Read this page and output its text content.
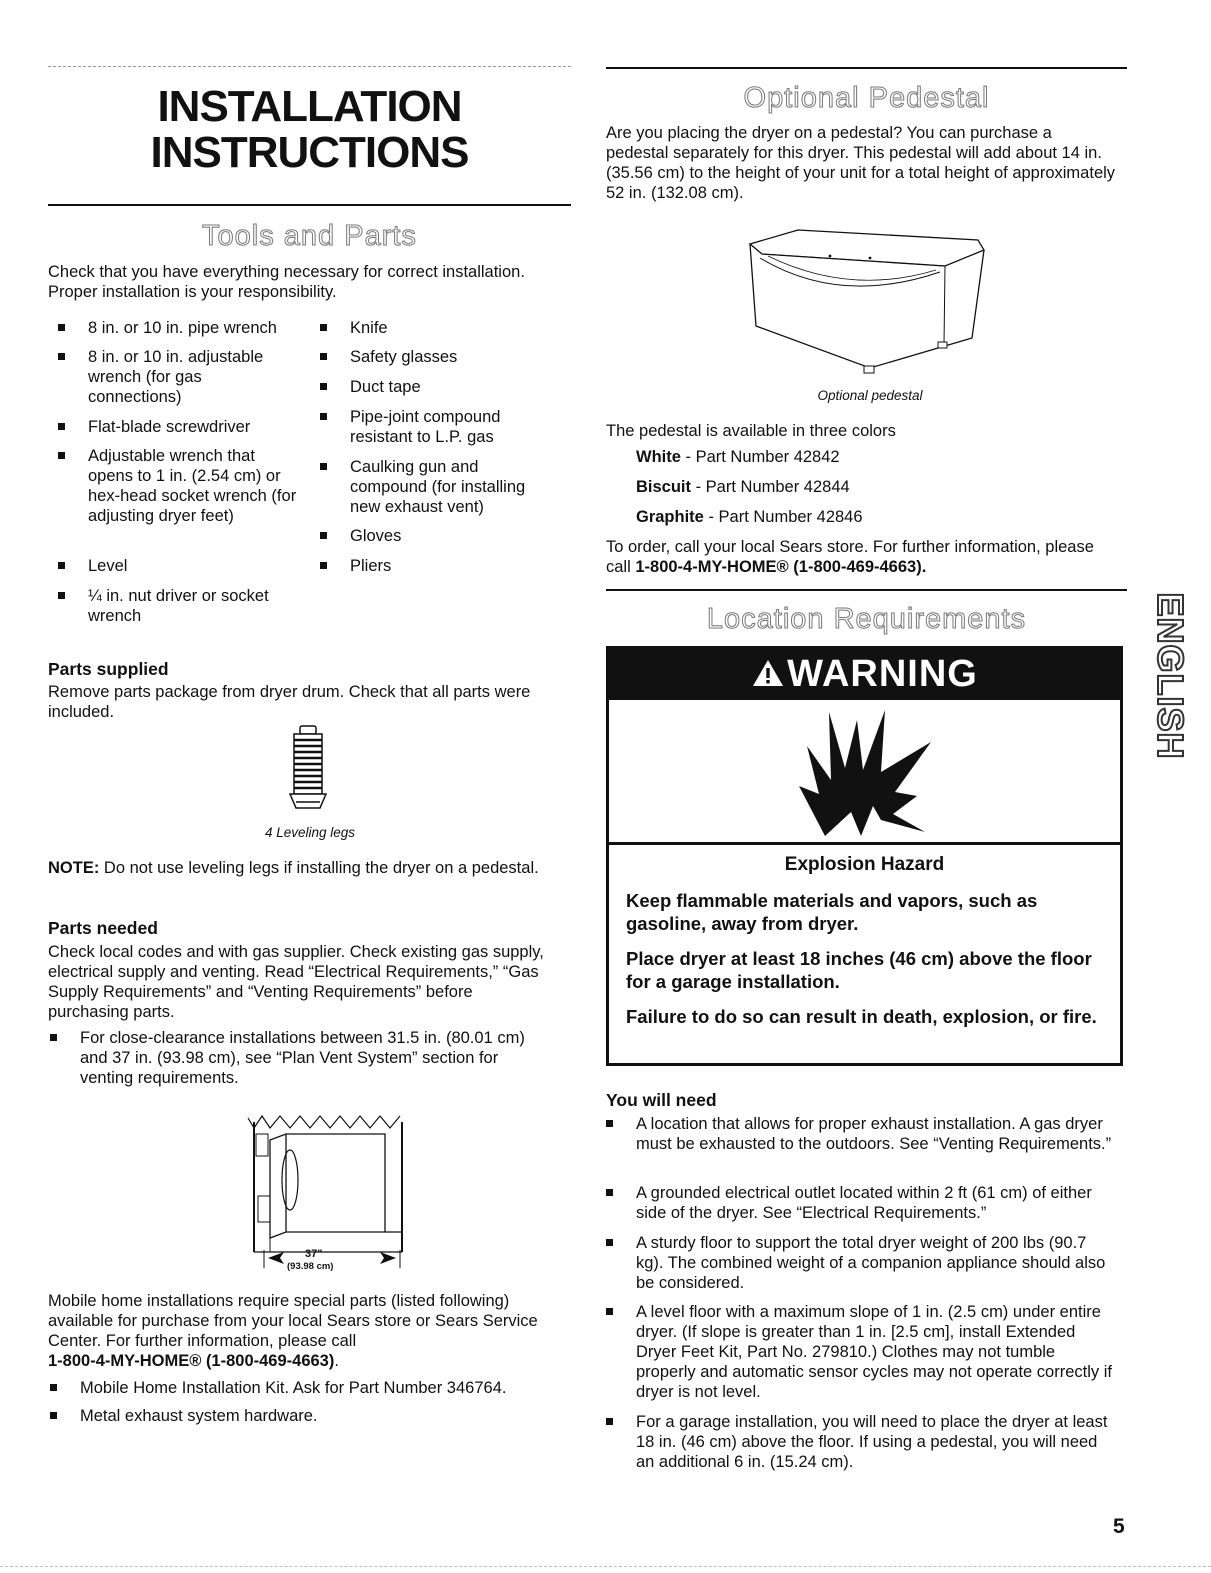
INSTALLATION
INSTRUCTIONS
Tools and Parts

Check that you have everything necessary for correct installation. Proper installation is your responsibility.

8 in. or 10 in. pipe wrench
8 in. or 10 in. adjustable wrench (for gas connections)
Flat-blade screwdriver
Adjustable wrench that opens to 1 in. (2.54 cm) or hex-head socket wrench (for adjusting dryer feet)
Level
¼ in. nut driver or socket wrench
Knife
Safety glasses
Duct tape
Pipe-joint compound resistant to L.P. gas
Caulking gun and compound (for installing new exhaust vent)
Gloves
Pliers

Parts supplied

Remove parts package from dryer drum. Check that all parts were included.

4 Leveling legs

NOTE: Do not use leveling legs if installing the dryer on a pedestal.

Parts needed

Check local codes and with gas supplier. Check existing gas supply, electrical supply and venting. Read “Electrical Requirements,” “Gas Supply Requirements” and “Venting Requirements” before purchasing parts.

For close-clearance installations between 31.5 in. (80.01 cm) and 37 in. (93.98 cm), see “Plan Vent System” section for venting requirements.
37"
(93.98 cm)

Mobile home installations require special parts (listed following) available for purchase from your local Sears store or Sears Service Center. For further information, please call
1-800-4-MY-HOME® (1-800-469-4663).

Mobile Home Installation Kit. Ask for Part Number 346764.
Metal exhaust system hardware.
Optional Pedestal

Are you placing the dryer on a pedestal? You can purchase a pedestal separately for this dryer. This pedestal will add about 14 in. (35.56 cm) to the height of your unit for a total height of approximately 52 in. (132.08 cm).

Optional pedestal

The pedestal is available in three colors

White - Part Number 42842

Biscuit - Part Number 42844

Graphite - Part Number 42846

To order, call your local Sears store. For further information, please call 1-800-4-MY-HOME® (1-800-469-4663).

Location Requirements
WARNING
Explosion Hazard

Keep flammable materials and vapors, such as gasoline, away from dryer.

Place dryer at least 18 inches (46 cm) above the floor for a garage installation.

Failure to do so can result in death, explosion, or fire.

You will need

A location that allows for proper exhaust installation. A gas dryer must be exhausted to the outdoors. See “Venting Requirements.”
A grounded electrical outlet located within 2 ft (61 cm) of either side of the dryer. See “Electrical Requirements.”
A sturdy floor to support the total dryer weight of 200 lbs (90.7 kg). The combined weight of a companion appliance should also be considered.
A level floor with a maximum slope of 1 in. (2.5 cm) under entire dryer. (If slope is greater than 1 in. [2.5 cm], install Extended Dryer Feet Kit, Part No. 279810.) Clothes may not tumble properly and automatic sensor cycles may not operate correctly if dryer is not level.
For a garage installation, you will need to place the dryer at least 18 in. (46 cm) above the floor. If using a pedestal, you will need an additional 6 in. (15.24 cm).
ENGLISH
5
